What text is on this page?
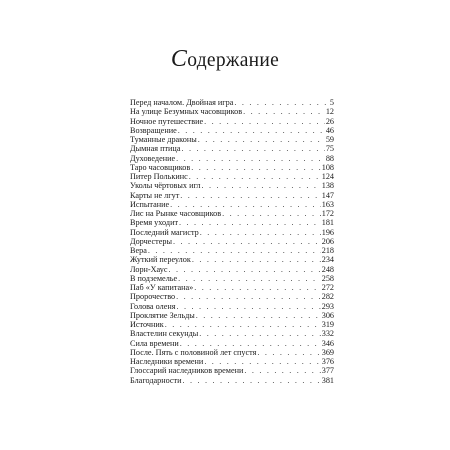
Содержание
Перед началом. Двойная игра . . .	5
На улице Безумных часовщиков . . .	12
Ночное путешествие . . .	26
Возвращение . . .	46
Туманные драконы . . .	59
Дымная птица . . .	75
Духоведение . . .	88
Таро часовщиков . . .	108
Питер Полькинс . . .	124
Уколы чёртовых игл . . .	138
Карты не лгут . . .	147
Испытание . . .	163
Лис на Рынке часовщиков . . .	172
Время уходит . . .	181
Последний магистр . . .	196
Дорчестеры . . .	206
Вера . . .	218
Жуткий переулок . . .	234
Лорн-Хаус . . .	248
В подземелье . . .	258
Паб «У капитана» . . .	272
Пророчество . . .	282
Голова оленя . . .	293
Проклятие Зельды . . .	306
Источник . . .	319
Властелин секунды . . .	332
Сила времени . . .	346
После. Пять с половиной лет спустя . . .	369
Наследники времени . . .	376
Глоссарий наследников времени . . .	377
Благодарности . . .	381
